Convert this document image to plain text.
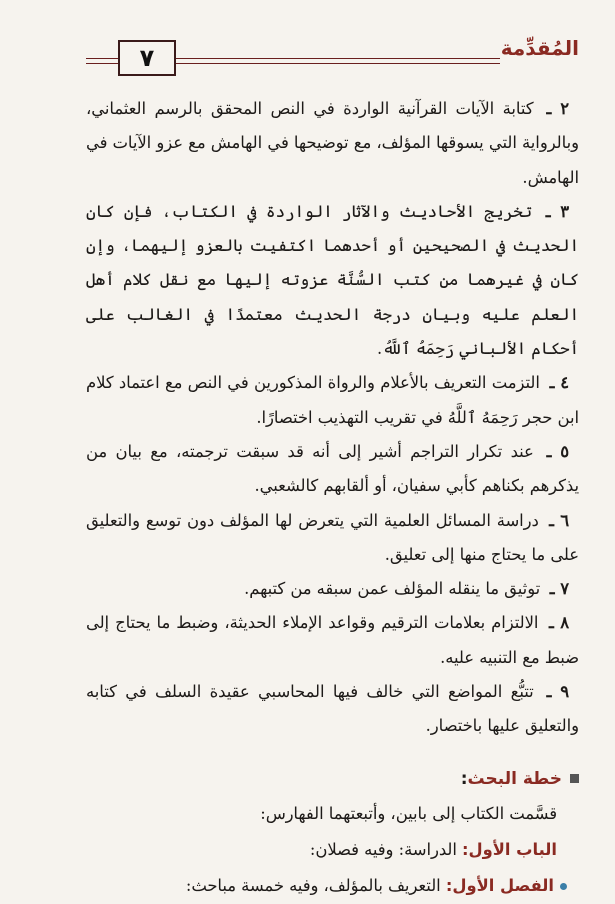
٧	المُقدِّمة

٢ ـ كتابة الآيات القرآنية الواردة في النص المحقق بالرسم العثماني، وبالرواية التي يسوقها المؤلف، مع توضيحها في الهامش مع عزو الآيات في الهامش.

٣ ـ تخريج الأحاديث والآثار الواردة في الكتاب، فإن كان الحديث في الصحيحين أو أحدهما اكتفيت بالعزو إليهما، وإن كان في غيرهما من كتب السُّنَّة عزوته إليها مع نقل كلام أهل العلم عليه وبيان درجة الحديث معتمدًا في الغالب على أحكام الألباني رَحِمَهُ ٱللَّهُ.

٤ ـ التزمت التعريف بالأعلام والرواة المذكورين في النص مع اعتماد كلام ابن حجر رَحِمَهُ ٱللَّهُ في تقريب التهذيب اختصارًا.

٥ ـ عند تكرار التراجم أشير إلى أنه قد سبقت ترجمته، مع بيان من يذكرهم بكناهم كأبي سفيان، أو ألقابهم كالشعبي.

٦ ـ دراسة المسائل العلمية التي يتعرض لها المؤلف دون توسع والتعليق على ما يحتاج منها إلى تعليق.

٧ ـ توثيق ما ينقله المؤلف عمن سبقه من كتبهم.

٨ ـ الالتزام بعلامات الترقيم وقواعد الإملاء الحديثة، وضبط ما يحتاج إلى ضبط مع التنبيه عليه.

٩ ـ تتبُّع المواضع التي خالف فيها المحاسبي عقيدة السلف في كتابه والتعليق عليها باختصار.

خطة البحث:
قسَّمت الكتاب إلى بابين، وأتبعتهما الفهارس:
الباب الأول: الدراسة: وفيه فصلان:
الفصل الأول: التعريف بالمؤلف، وفيه خمسة مباحث:
